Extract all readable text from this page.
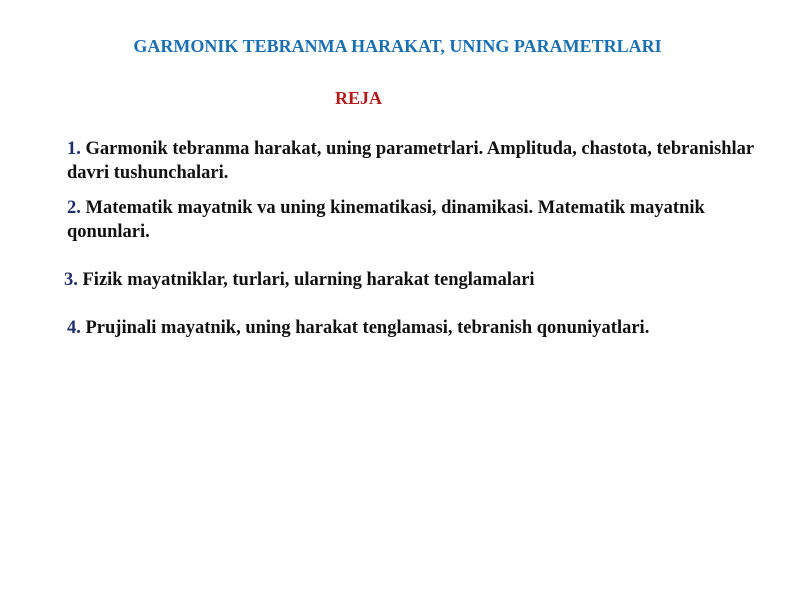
GARMONIK TEBRANMA HARAKAT, UNING PARAMETRLARI
REJA
1. Garmonik tebranma harakat, uning parametrlari. Amplituda, chastota, tebranishlar davri tushunchalari.
2. Matematik mayatnik va uning kinematikasi, dinamikasi. Matematik mayatnik qonunlari.
3. Fizik mayatniklar, turlari, ularning harakat tenglamalari
4. Prujinali mayatnik, uning harakat tenglamasi, tebranish qonuniyatlari.
